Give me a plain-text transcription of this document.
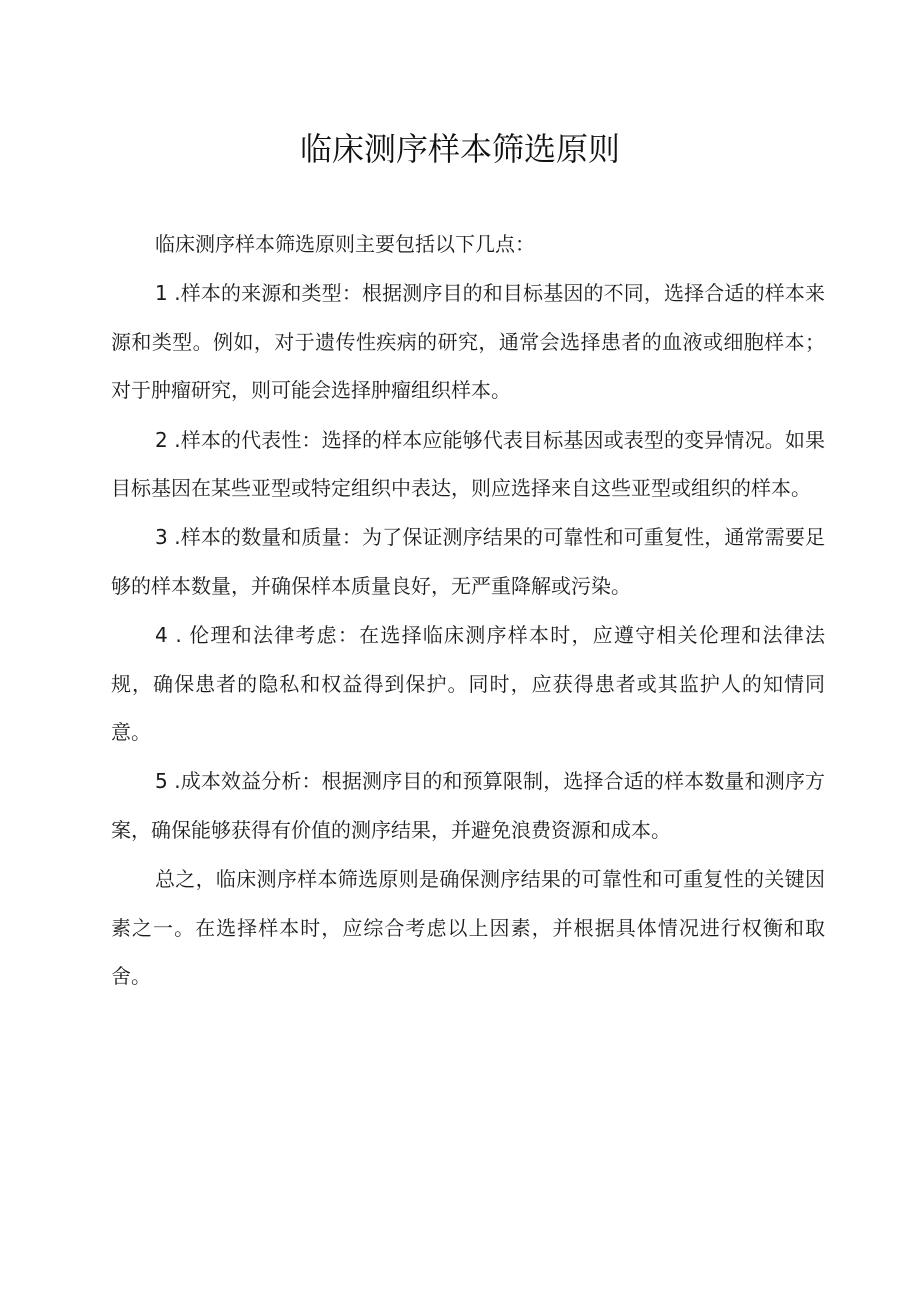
临床测序样本筛选原则

临床测序样本筛选原则主要包括以下几点：

1 .样本的来源和类型：根据测序目的和目标基因的不同，选择合适的样本来源和类型。例如，对于遗传性疾病的研究，通常会选择患者的血液或细胞样本；对于肿瘤研究，则可能会选择肿瘤组织样本。

2 .样本的代表性：选择的样本应能够代表目标基因或表型的变异情况。如果目标基因在某些亚型或特定组织中表达，则应选择来自这些亚型或组织的样本。

3 .样本的数量和质量：为了保证测序结果的可靠性和可重复性，通常需要足够的样本数量，并确保样本质量良好，无严重降解或污染。

4 . 伦理和法律考虑：在选择临床测序样本时，应遵守相关伦理和法律法规，确保患者的隐私和权益得到保护。同时，应获得患者或其监护人的知情同意。

5 .成本效益分析：根据测序目的和预算限制，选择合适的样本数量和测序方案，确保能够获得有价值的测序结果，并避免浪费资源和成本。

总之，临床测序样本筛选原则是确保测序结果的可靠性和可重复性的关键因素之一。在选择样本时，应综合考虑以上因素，并根据具体情况进行权衡和取舍。
